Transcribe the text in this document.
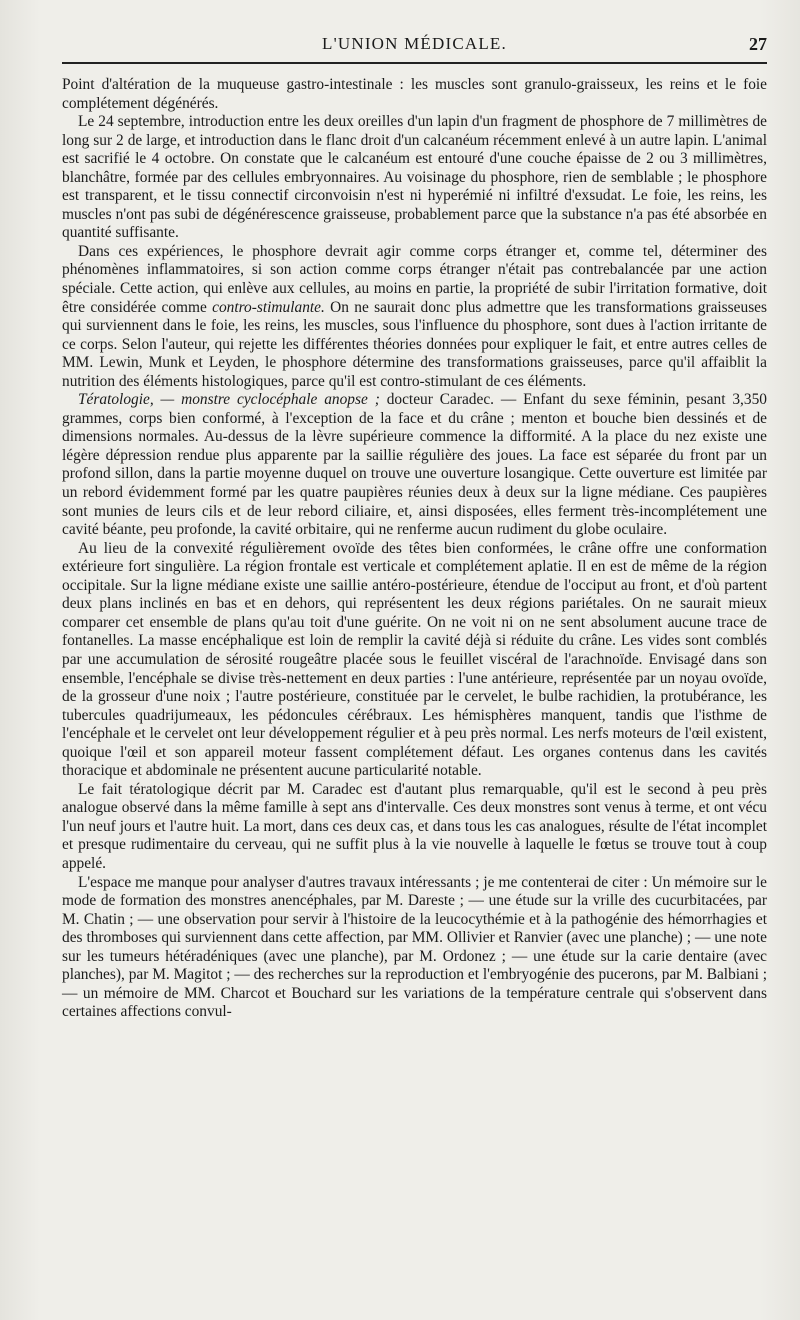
L'UNION MÉDICALE.	27

Point d'altération de la muqueuse gastro-intestinale : les muscles sont granulo-graisseux, les reins et le foie complétement dégénérés.

Le 24 septembre, introduction entre les deux oreilles d'un lapin d'un fragment de phosphore de 7 millimètres de long sur 2 de large, et introduction dans le flanc droit d'un calcanéum récemment enlevé à un autre lapin. L'animal est sacrifié le 4 octobre. On constate que le calcanéum est entouré d'une couche épaisse de 2 ou 3 millimètres, blanchâtre, formée par des cellules embryonnaires. Au voisinage du phosphore, rien de semblable ; le phosphore est transparent, et le tissu connectif circonvoisin n'est ni hyperémié ni infiltré d'exsudat. Le foie, les reins, les muscles n'ont pas subi de dégénérescence graisseuse, probablement parce que la substance n'a pas été absorbée en quantité suffisante.

Dans ces expériences, le phosphore devrait agir comme corps étranger et, comme tel, déterminer des phénomènes inflammatoires, si son action comme corps étranger n'était pas contrebalancée par une action spéciale. Cette action, qui enlève aux cellules, au moins en partie, la propriété de subir l'irritation formative, doit être considérée comme contro-stimulante. On ne saurait donc plus admettre que les transformations graisseuses qui surviennent dans le foie, les reins, les muscles, sous l'influence du phosphore, sont dues à l'action irritante de ce corps. Selon l'auteur, qui rejette les différentes théories données pour expliquer le fait, et entre autres celles de MM. Lewin, Munk et Leyden, le phosphore détermine des transformations graisseuses, parce qu'il affaiblit la nutrition des éléments histologiques, parce qu'il est contro-stimulant de ces éléments.

Tératologie, — monstre cyclocéphale anopse ; docteur Caradec. — Enfant du sexe féminin, pesant 3,350 grammes, corps bien conformé, à l'exception de la face et du crâne ; menton et bouche bien dessinés et de dimensions normales. Au-dessus de la lèvre supérieure commence la difformité. A la place du nez existe une légère dépression rendue plus apparente par la saillie régulière des joues. La face est séparée du front par un profond sillon, dans la partie moyenne duquel on trouve une ouverture losangique. Cette ouverture est limitée par un rebord évidemment formé par les quatre paupières réunies deux à deux sur la ligne médiane. Ces paupières sont munies de leurs cils et de leur rebord ciliaire, et, ainsi disposées, elles ferment très-incomplétement une cavité béante, peu profonde, la cavité orbitaire, qui ne renferme aucun rudiment du globe oculaire.

Au lieu de la convexité régulièrement ovoïde des têtes bien conformées, le crâne offre une conformation extérieure fort singulière. La région frontale est verticale et complétement aplatie. Il en est de même de la région occipitale. Sur la ligne médiane existe une saillie antéro-postérieure, étendue de l'occiput au front, et d'où partent deux plans inclinés en bas et en dehors, qui représentent les deux régions pariétales. On ne saurait mieux comparer cet ensemble de plans qu'au toit d'une guérite. On ne voit ni on ne sent absolument aucune trace de fontanelles. La masse encéphalique est loin de remplir la cavité déjà si réduite du crâne. Les vides sont comblés par une accumulation de sérosité rougeâtre placée sous le feuillet viscéral de l'arachnoïde. Envisagé dans son ensemble, l'encéphale se divise très-nettement en deux parties : l'une antérieure, représentée par un noyau ovoïde, de la grosseur d'une noix ; l'autre postérieure, constituée par le cervelet, le bulbe rachidien, la protubérance, les tubercules quadrijumeaux, les pédoncules cérébraux. Les hémisphères manquent, tandis que l'isthme de l'encéphale et le cervelet ont leur développement régulier et à peu près normal. Les nerfs moteurs de l'œil existent, quoique l'œil et son appareil moteur fassent complétement défaut. Les organes contenus dans les cavités thoracique et abdominale ne présentent aucune particularité notable.

Le fait tératologique décrit par M. Caradec est d'autant plus remarquable, qu'il est le second à peu près analogue observé dans la même famille à sept ans d'intervalle. Ces deux monstres sont venus à terme, et ont vécu l'un neuf jours et l'autre huit. La mort, dans ces deux cas, et dans tous les cas analogues, résulte de l'état incomplet et presque rudimentaire du cerveau, qui ne suffit plus à la vie nouvelle à laquelle le fœtus se trouve tout à coup appelé.

L'espace me manque pour analyser d'autres travaux intéressants ; je me contenterai de citer : Un mémoire sur le mode de formation des monstres anencéphales, par M. Dareste ; — une étude sur la vrille des cucurbitacées, par M. Chatin ; — une observation pour servir à l'histoire de la leucocythémie et à la pathogénie des hémorrhagies et des thromboses qui surviennent dans cette affection, par MM. Ollivier et Ranvier (avec une planche) ; — une note sur les tumeurs hétéradéniques (avec une planche), par M. Ordonez ; — une étude sur la carie dentaire (avec planches), par M. Magitot ; — des recherches sur la reproduction et l'embryogénie des pucerons, par M. Balbiani ; — un mémoire de MM. Charcot et Bouchard sur les variations de la température centrale qui s'observent dans certaines affections convul-
